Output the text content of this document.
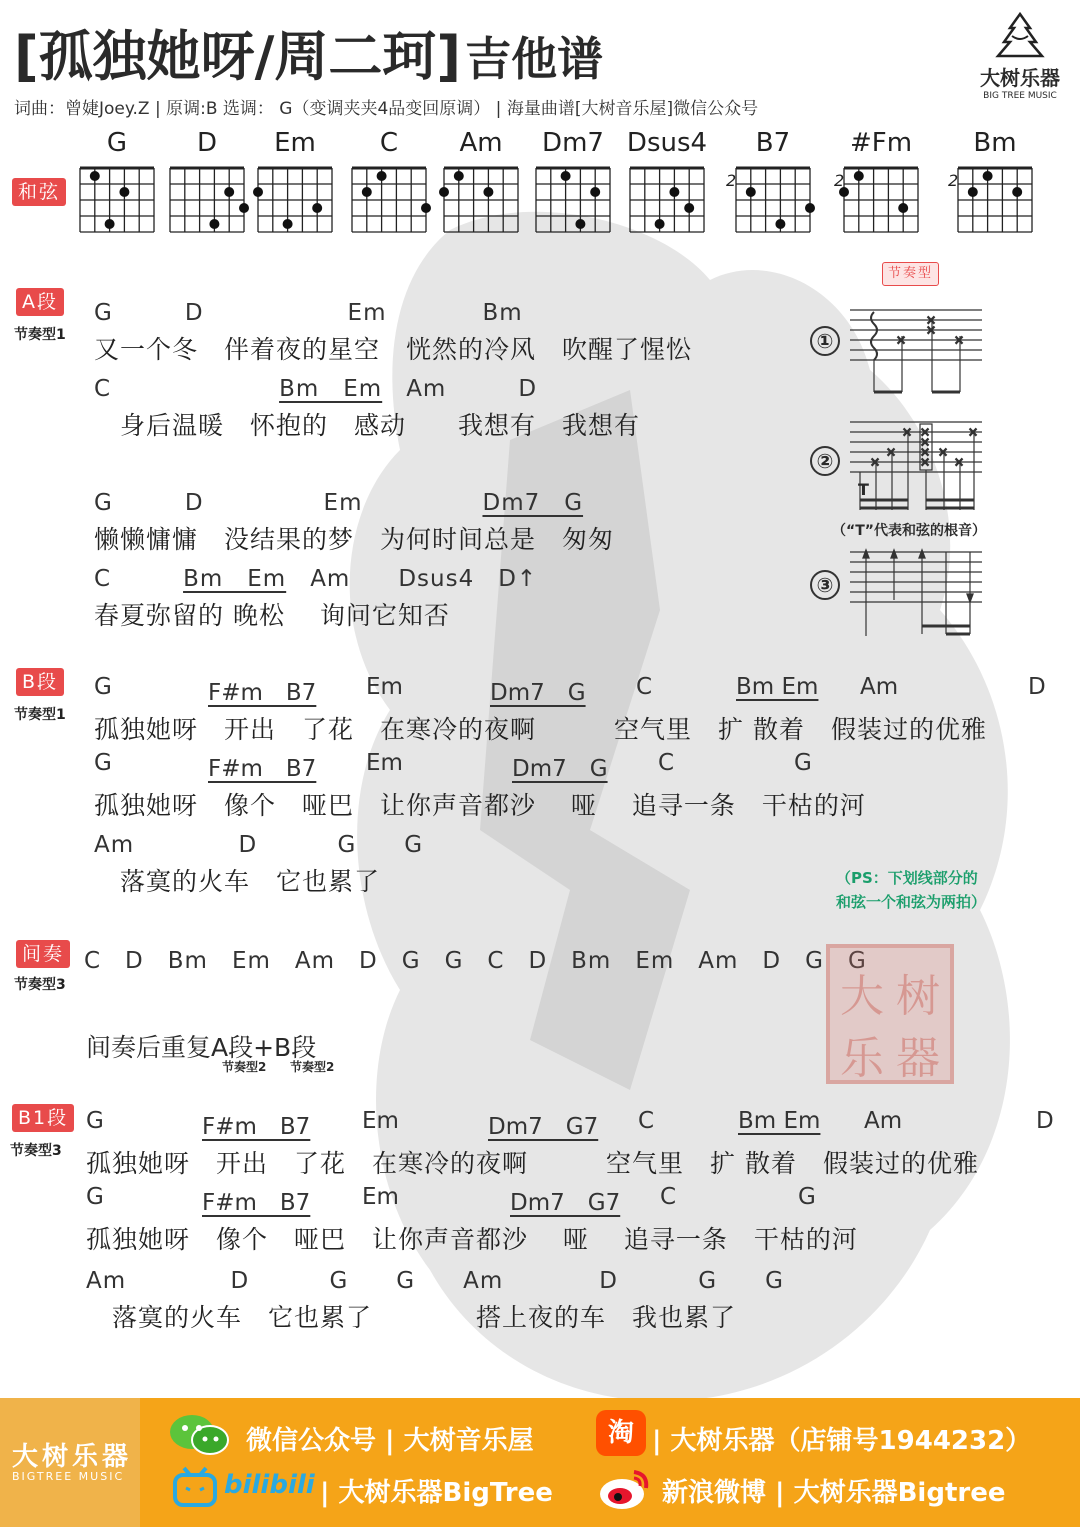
[孤独她呀/周二珂]吉他谱
词曲：曾婕Joey.Z | 原调:B 选调： G（变调夹夹4品变回原调） | 海量曲谱[大树音乐屋]微信公众号
大树乐器
BIG TREE MUSIC
和弦
G	D	Em	C	Am	Dm7 Dsus4	B7
2
#Fm
2
Bm
2
A段
节奏型1
G　　　D　　　　　　Em　　　　Bm
又一个冬　伴着夜的星空　恍然的冷风　吹醒了惺忪
C　　　　　　　Bm　Em　Am　　　D
　身后温暖　怀抱的　感动　　我想有　我想有
G　　　D　　　　　Em　　　　　Dm7　G
懒懒慵慵　没结果的梦　为何时间总是　匆匆
C　　　Bm　Em　Am　　Dsus4　D↑
春夏弥留的 晚松　 询问它知否
B段
节奏型1
G	F#m　B7 Em	Dm7　G C	Bm Em Am	D
孤独她呀　开出　了花　在寒冷的夜啊　　　空气里　扩 散着　假装过的优雅
G	F#m　B7 Em	Dm7　G C	G
孤独她呀　像个　哑巴　让你声音都沙　 哑　 追寻一条　干枯的河
Am　　　　 D　　　 G　　G
　落寞的火车　它也累了
节奏型
①
②
③
×
×
×
×
× ×
×
×
×
×
×	×
×
×
T
（“T”代表和弦的根音）
（PS：下划线部分的
和弦一个和弦为两拍）
间奏
节奏型3
C　D　Bm　Em　Am　D　G　G　C　D　Bm　Em　Am　D　G　G
大 树
乐 器
间奏后重复A段+B段
节奏型2 节奏型2
B1段
节奏型3
G	F#m　B7 Em	Dm7　G7 C	Bm Em Am	D
孤独她呀　开出　了花　在寒冷的夜啊　　　空气里　扩 散着　假装过的优雅
G	F#m　B7 Em	Dm7　G7 C	G
孤独她呀　像个　哑巴　让你声音都沙　 哑　 追寻一条　干枯的河
Am　　　　 D　　　 G　　G　　Am　　　　D　　　 G　　G
　落寞的火车　它也累了　　　　搭上夜的车　我也累了
大树乐器
BIGTREE MUSIC
微信公众号 | 大树音乐屋
bilibili | 大树乐器BigTree
淘 | 大树乐器（店铺号1944232）
新浪微博 | 大树乐器Bigtree
